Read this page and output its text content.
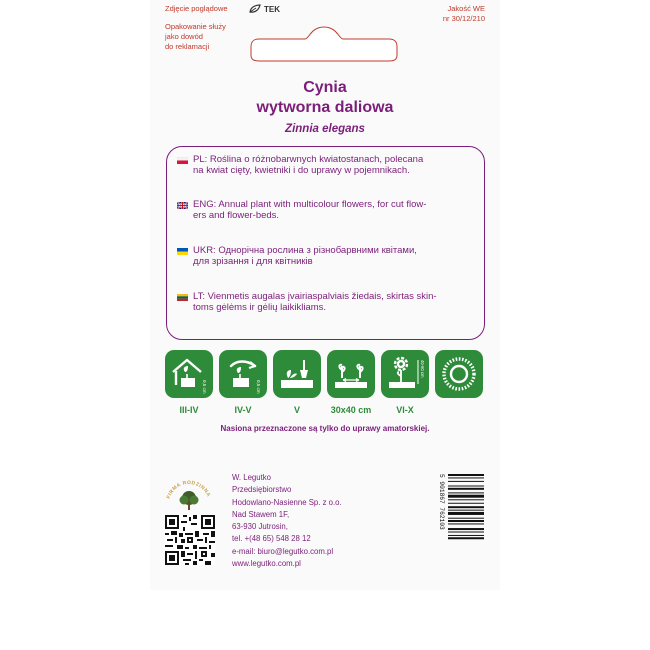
Zdjęcie poglądowe	TEK	Jakość WE
nr 30/12/210
Opakowanie służy
jako dowód
do reklamacji
Cynia
wytworna daliowa
Zinnia elegans
PL: Roślina o różnobarwnych kwiatostanach, polecana
na kwiat cięty, kwietniki i do uprawy w pojemnikach.
ENG: Annual plant with multicolour flowers, for cut flow-
ers and flower-beds.
UKR: Однорічна рослина з різнобарвними квітами,
для зрізання і для квітників
LT: Vienmetis augalas įvairiaspalviais žiedais, skirtas skin-
toms gėlėms ir gėlių laikikliams.
0,5 cm	0,5 cm
40-60 cm
III-IV	IV-V	V	30x40 cm	VI-X
Nasiona przeznaczone są tylko do uprawy amatorskiej.
FIRMA RODZINNA
W. Legutko
Przedsiębiorstwo
Hodowlano-Nasienne Sp. z o.o.
Nad Stawem 1F,
63-930 Jutrosin,
tel. +(48 65) 548 28 12
e-mail: biuro@legutko.com.pl
www.legutko.com.pl
5 901867 762103
